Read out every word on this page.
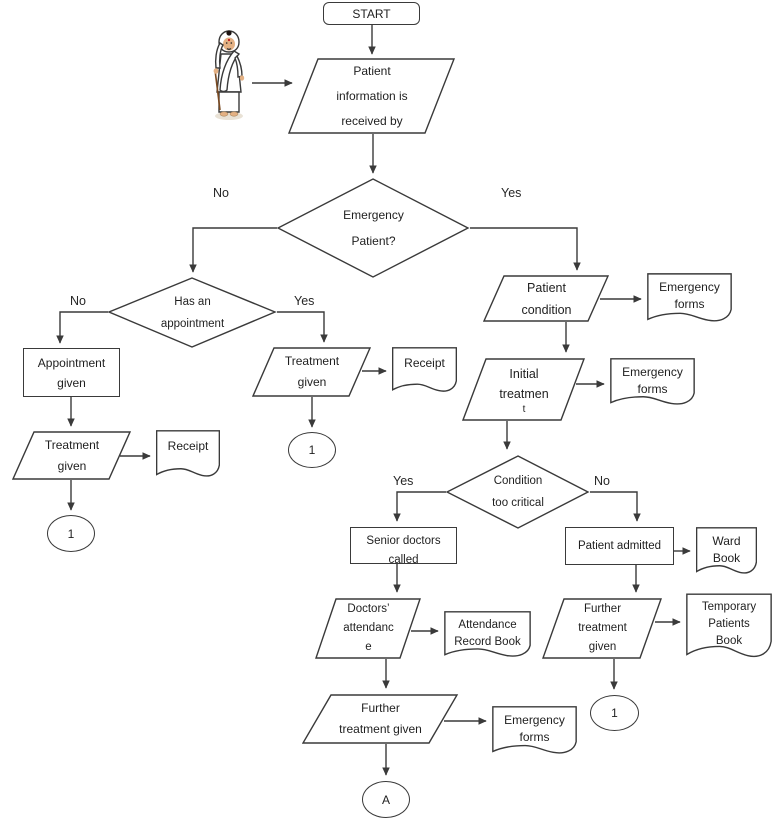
START
Patient
information is
received by
Emergency
Patient?
No	Yes
Has an
appointment
No	Yes
Appointment
given
Treatment
given
Receipt
1
Treatment
given
Receipt
1
Patient
condition
Emergency
forms
Initial
treatmen
t
Emergency
forms
Condition
too critical
Yes	No
Senior doctors
called
Patient admitted	Ward
Book
Doctors’
attendanc
e
Attendance
Record Book
Further
treatment given
Emergency
forms
A
Further
treatment
given
Temporary
Patients
Book
1
